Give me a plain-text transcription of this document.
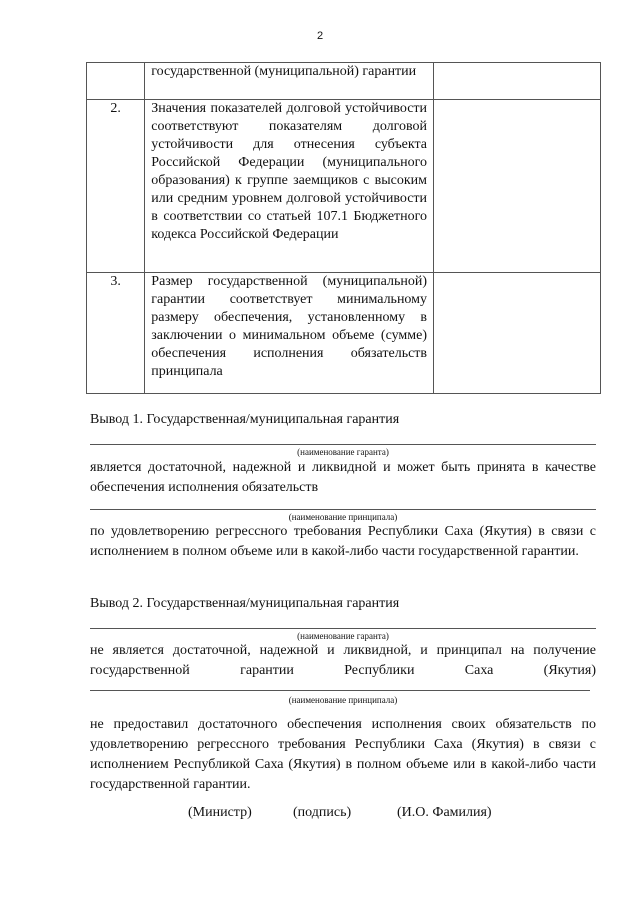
2
	государственной (муниципальной) гарантии	
2.	Значения показателей долговой устойчивости соответствуют показателям долговой устойчивости для отнесения субъекта Российской Федерации (муниципального образования) к группе заемщиков с высоким или средним уровнем долговой устойчивости в соответствии со статьей 107.1 Бюджетного кодекса Российской Федерации	
3.	Размер государственной (муниципальной) гарантии соответствует минимальному размеру обеспечения, установленному в заключении о минимальном объеме (сумме) обеспечения исполнения обязательств принципала	
Вывод 1. Государственная/муниципальная гарантия
(наименование гаранта)
является достаточной, надежной и ликвидной и может быть принята в качестве обеспечения исполнения обязательств
(наименование принципала)
по удовлетворению регрессного требования Республики Саха (Якутия) в связи с исполнением в полном объеме или в какой-либо части государственной гарантии.
Вывод 2. Государственная/муниципальная гарантия
(наименование гаранта)
не является достаточной, надежной и ликвидной, и принципал на получение государственной гарантии Республики Саха (Якутия)
(наименование принципала)
не предоставил достаточного обеспечения исполнения своих обязательств по удовлетворению регрессного требования Республики Саха (Якутия) в связи с исполнением Республикой Саха (Якутия) в полном объеме или в какой-либо части государственной гарантии.
(Министр)	(подпись)	(И.О. Фамилия)
